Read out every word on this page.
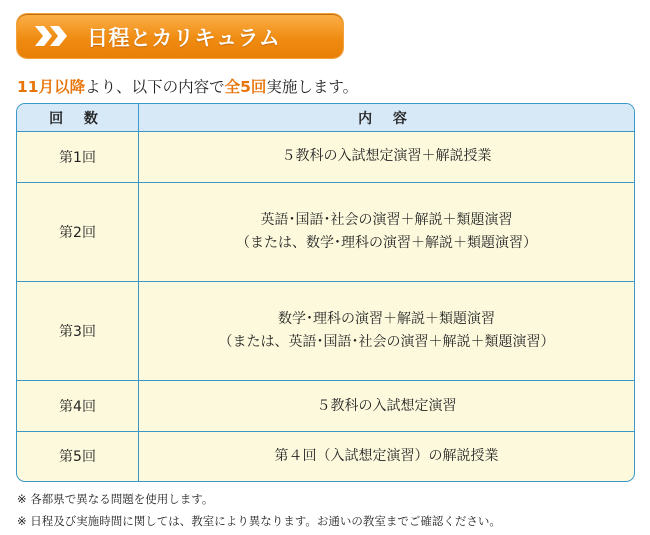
日程とカリキュラム
11月以降より、以下の内容で全5回実施します。
回 数	内 容
第1回	５教科の入試想定演習＋解説授業

第2回	英語･国語･社会の演習＋解説＋類題演習
（または、数学･理科の演習＋解説＋類題演習）

第3回	数学･理科の演習＋解説＋類題演習
（または、英語･国語･社会の演習＋解説＋類題演習）

第4回	５教科の入試想定演習

第5回	第４回（入試想定演習）の解説授業
※ 各都県で異なる問題を使用します。
※ 日程及び実施時間に関しては、教室により異なります。お通いの教室までご確認ください。
